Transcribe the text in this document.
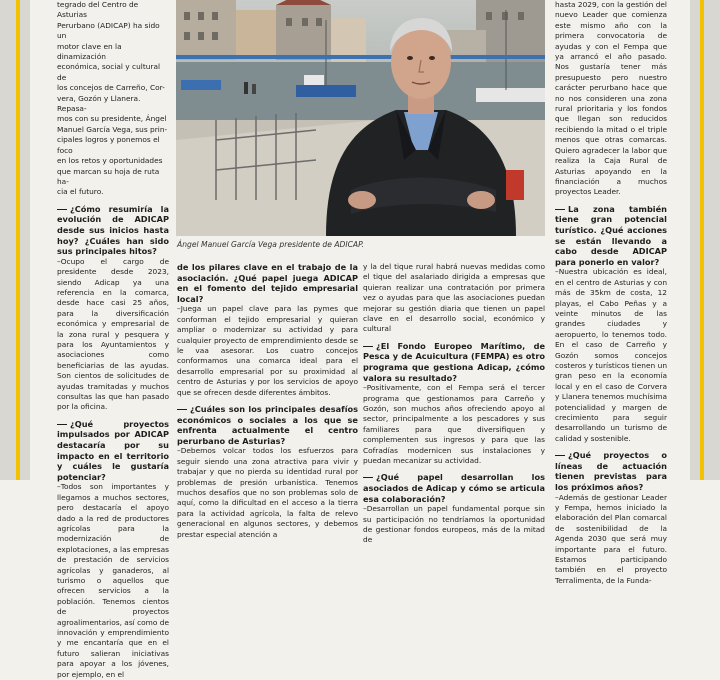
tegrado del Centro de Asturias
Perurbano (ADICAP) ha sido un
motor clave en la dinamización
económica, social y cultural de
los concejos de Carreño, Cor-
vera, Gozón y Llanera. Repasa-
mos con su presidente, Ángel
Manuel García Vega, sus prin-
cipales logros y ponemos el foco
en los retos y oportunidades
que marcan su hoja de ruta ha-
cia el futuro.

¿Cómo resumiría la evolución de ADICAP desde sus inicios hasta hoy? ¿Cuáles han sido sus principales hitos?

–Ocupo el cargo de presidente desde 2023, siendo Adicap ya una referencia en la comarca, desde hace casi 25 años, para la diversificación económica y empresarial de la zona rural y pesquera y para los Ayuntamientos y asociaciones como beneficiarias de las ayudas. Son cientos de solicitudes de ayudas tramitadas y muchos consultas las que han pasado por la oficina.

¿Qué proyectos impulsados por ADICAP destacaría por su impacto en el territorio y cuáles le gustaría potenciar?

–Todos son importantes y llegamos a muchos sectores, pero destacaría el apoyo dado a la red de productores agrícolas para la modernización de explotaciones, a las empresas de prestación de servicios agrícolas y ganaderos, al turismo o aquellos que ofrecen servicios a la población. Tenemos cientos de proyectos agroalimentarios, así como de innovación y emprendimiento y me encantaría que en el futuro salieran iniciativas para apoyar a los jóvenes, por ejemplo, en el

Ángel Manuel García Vega presidente de ADICAP.

de los pilares clave en el trabajo de la asociación. ¿Qué papel juega ADICAP en el fomento del tejido empresarial local?

–Juega un papel clave para las pymes que conforman el tejido empresarial y quieran ampliar o modernizar su actividad y para cualquier proyecto de emprendimiento desde se le vaa asesorar. Los cuatro concejos conformamos una comarca ideal para el desarrollo empresarial por su proximidad al centro de Asturias y por los servicios de apoyo que se ofrecen desde diferentes ámbitos.

¿Cuáles son los principales desafíos económicos o sociales a los que se enfrenta actualmente el centro perurbano de Asturias?

–Debemos volcar todos los esfuerzos para seguir siendo una zona atractiva para vivir y trabajar y que no pierda su identidad rural por problemas de presión urbanística. Tenemos muchos desafíos que no son problemas solo de aquí, como la dificultad en el acceso a la tierra para la actividad agrícola, la falta de relevo generacional en algunos sectores, y debemos prestar especial atención a

y la del tique rural habrá nuevas medidas como el tique del asalariado dirigida a empresas que quieran realizar una contratación por primera vez o ayudas para que las asociaciones puedan mejorar su gestión diaria que tienen un papel clave en el desarrollo social, económico y cultural

¿El Fondo Europeo Marítimo, de Pesca y de Acuicultura (FEMPA) es otro programa que gestiona Adicap, ¿cómo valora su resultado?

–Positivamente, con el Fempa será el tercer programa que gestionamos para Carreño y Gozón, son muchos años ofreciendo apoyo al sector, principalmente a los pescadores y sus familiares para que diversifiquen y complementen sus ingresos y para que las Cofradías modernicen sus instalaciones y puedan mecanizar su actividad.

¿Qué papel desarrollan los asociados de Adicap y cómo se articula esa colaboración?

–Desarrollan un papel fundamental porque sin su participación no tendríamos la oportunidad de gestionar fondos europeos, más de la mitad de

hasta 2029, con la gestión del nuevo Leader que comienza este mismo año con la primera convocatoria de ayudas y con el Fempa que ya arrancó el año pasado. Nos gustaría tener más presupuesto pero nuestro carácter perurbano hace que no nos consideren una zona rural prioritaria y los fondos que llegan son reducidos recibiendo la mitad o el triple menos que otras comarcas. Quiero agradecer la labor que realiza la Caja Rural de Asturias apoyando en la financiación a muchos proyectos Leader.

La zona también tiene gran potencial turístico. ¿Qué acciones se están llevando a cabo desde ADICAP para ponerlo en valor?

–Nuestra ubicación es ideal, en el centro de Asturias y con más de 35km de costa, 12 playas, el Cabo Peñas y a veinte minutos de las grandes ciudades y aeropuerto, lo tenemos todo. En el caso de Carreño y Gozón somos concejos costeros y turísticos tienen un gran peso en la economía local y en el caso de Corvera y Llanera tenemos muchísima potencialidad y margen de crecimiento para seguir desarrollando un turismo de calidad y sostenible.

¿Qué proyectos o líneas de actuación tienen previstas para los próximos años?

–Además de gestionar Leader y Fempa, hemos iniciado la elaboración del Plan comarcal de sostenibilidad de la Agenda 2030 que será muy importante para el futuro. Estamos participando también en el proyecto Terralimenta, de la Funda-
